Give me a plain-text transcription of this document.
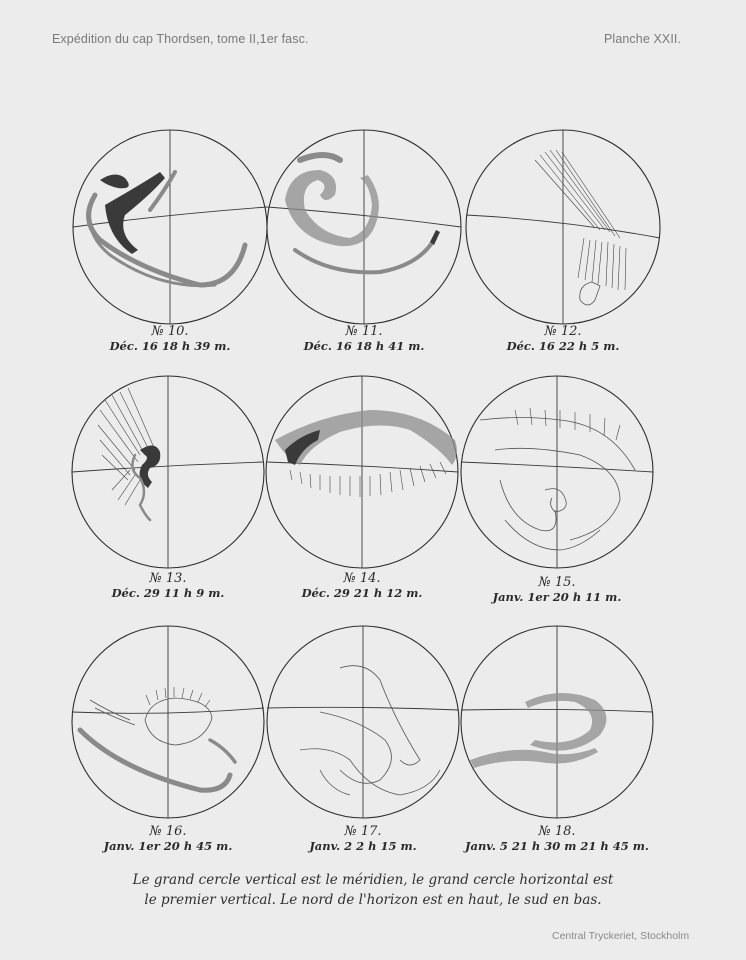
Expédition du cap Thordsen, tome II,1er fasc.	Planche XXII.
№ 10.
Déc. 16 18 h 39 m.
№ 11.
Déc. 16 18 h 41 m.
№ 12.
Déc. 16 22 h 5 m.
№ 13.
Déc. 29 11 h 9 m.
№ 14.
Déc. 29 21 h 12 m.
№ 15.
Janv. 1er 20 h 11 m.
№ 16.
Janv. 1er 20 h 45 m.
№ 17.
Janv. 2 2 h 15 m.
№ 18.
Janv. 5 21 h 30 m 21 h 45 m.
Le grand cercle vertical est le méridien, le grand cercle horizontal est
le premier vertical. Le nord de l'horizon est en haut, le sud en bas.
Central Tryckeriet, Stockholm
